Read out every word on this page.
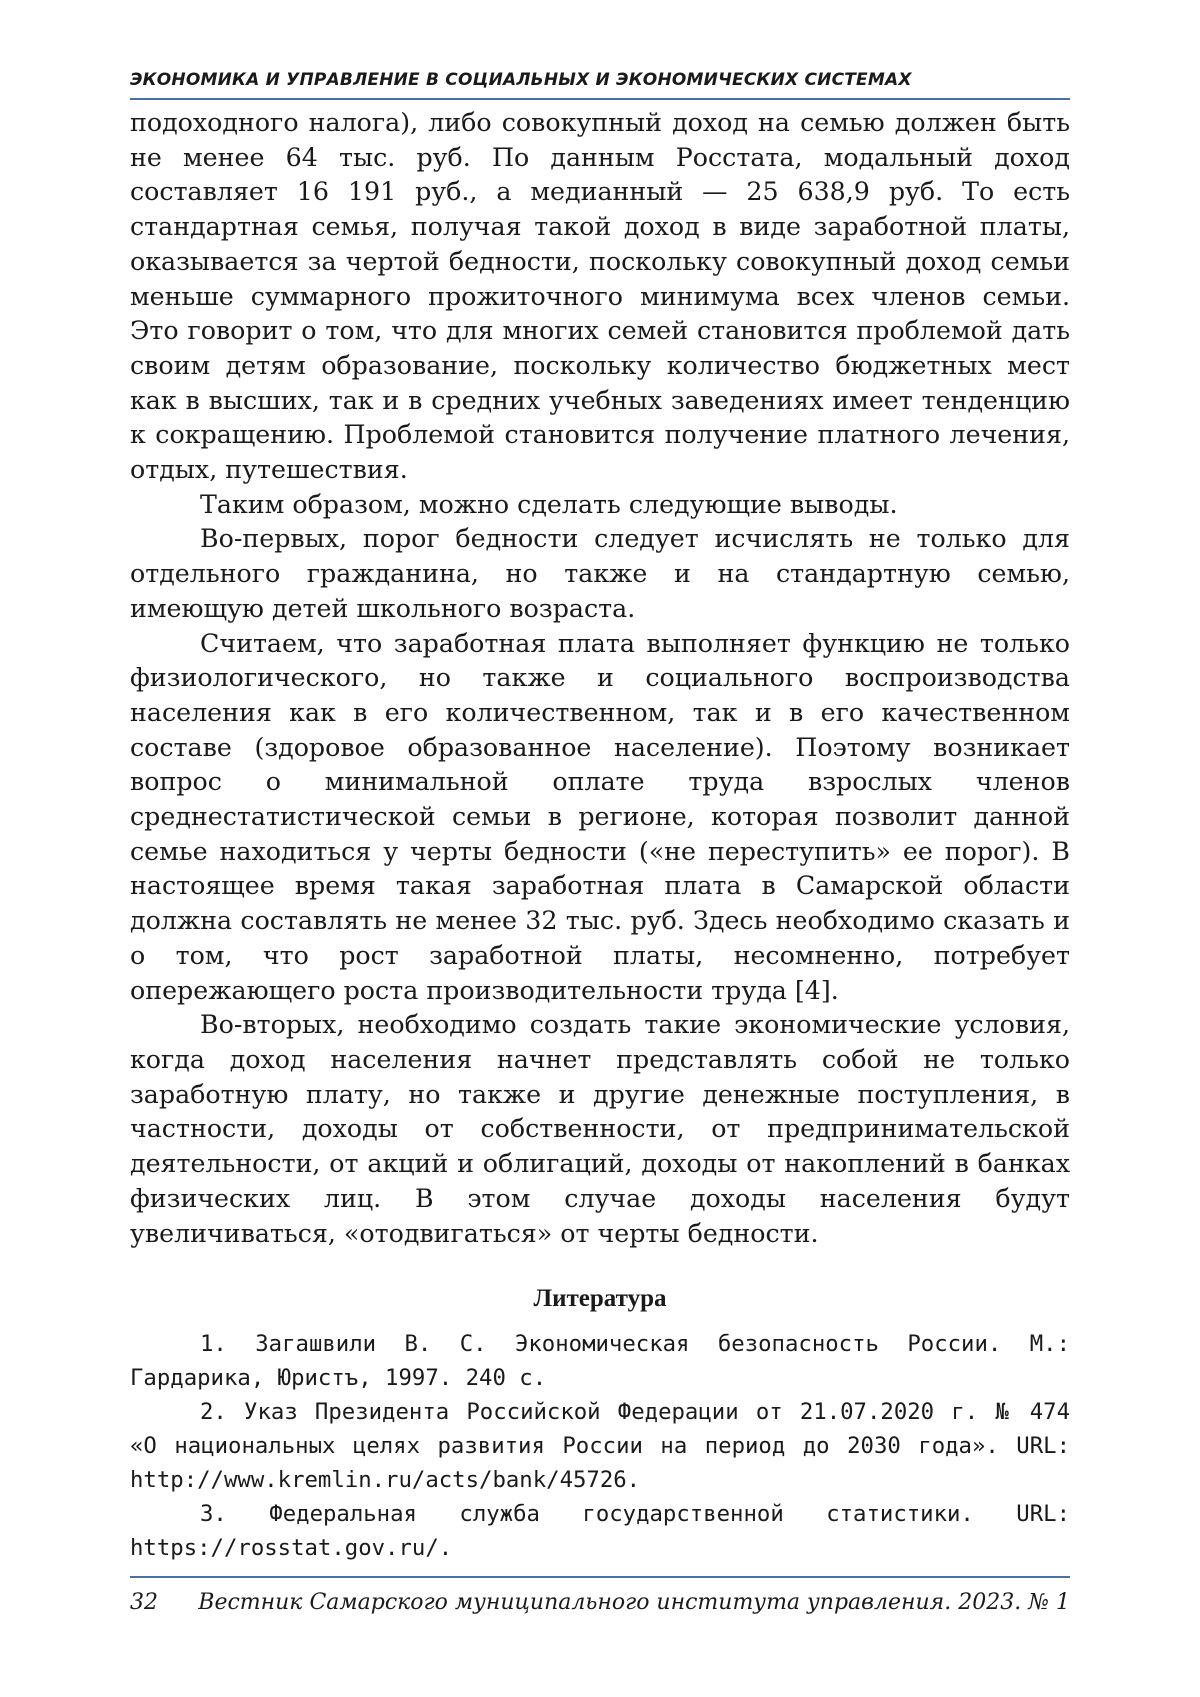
ЭКОНОМИКА И УПРАВЛЕНИЕ В СОЦИАЛЬНЫХ И ЭКОНОМИЧЕСКИХ СИСТЕМАХ

подоходного налога), либо совокупный доход на семью должен быть не менее 64 тыс. руб. По данным Росстата, модальный доход составляет 16 191 руб., а медианный — 25 638,9 руб. То есть стандартная семья, получая такой доход в виде заработной платы, оказывается за чертой бедности, поскольку совокупный доход семьи меньше суммарного прожиточного минимума всех членов семьи. Это говорит о том, что для многих семей становится проблемой дать своим детям образование, поскольку количество бюджетных мест как в высших, так и в средних учебных заведениях имеет тенденцию к сокращению. Проблемой становится получение платного лечения, отдых, путешествия.

Таким образом, можно сделать следующие выводы.

Во-первых, порог бедности следует исчислять не только для отдельного гражданина, но также и на стандартную семью, имеющую детей школьного возраста.

Считаем, что заработная плата выполняет функцию не только физиологического, но также и социального воспроизводства населения как в его количественном, так и в его качественном составе (здоровое образованное население). Поэтому возникает вопрос о минимальной оплате труда взрослых членов среднестатистической семьи в регионе, которая позволит данной семье находиться у черты бедности («не переступить» ее порог). В настоящее время такая заработная плата в Самарской области должна составлять не менее 32 тыс. руб. Здесь необходимо сказать и о том, что рост заработной платы, несомненно, потребует опережающего роста производительности труда [4].

Во-вторых, необходимо создать такие экономические условия, когда доход населения начнет представлять собой не только заработную плату, но также и другие денежные поступления, в частности, доходы от собственности, от предпринимательской деятельности, от акций и облигаций, доходы от накоплений в банках физических лиц. В этом случае доходы населения будут увеличиваться, «отодвигаться» от черты бедности.

Литература

1. Загашвили В. С. Экономическая безопасность России. М.: Гардарика, Юристъ, 1997. 240 с.

2. Указ Президента Российской Федерации от 21.07.2020 г. № 474 «О национальных целях развития России на период до 2030 года». URL: http://www.kremlin.ru/acts/bank/45726.

3. Федеральная служба государственной статистики. URL: https://rosstat.gov.ru/.

32 Вестник Самарского муниципального института управления. 2023. № 1
